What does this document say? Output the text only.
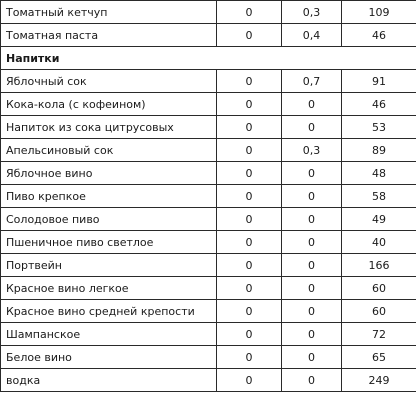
Томатный кетчуп	0	0,3	109
Томатная паста	0	0,4	46
Напитки			
Яблочный сок	0	0,7	91
Кока-кола (с кофеином)	0	0	46
Напиток из сока цитрусовых	0	0	53
Апельсиновый сок	0	0,3	89
Яблочное вино	0	0	48
Пиво крепкое	0	0	58
Солодовое пиво	0	0	49
Пшеничное пиво светлое	0	0	40
Портвейн	0	0	166
Красное вино легкое	0	0	60
Красное вино средней крепости	0	0	60
Шампанское	0	0	72
Белое вино	0	0	65
водка	0	0	249
